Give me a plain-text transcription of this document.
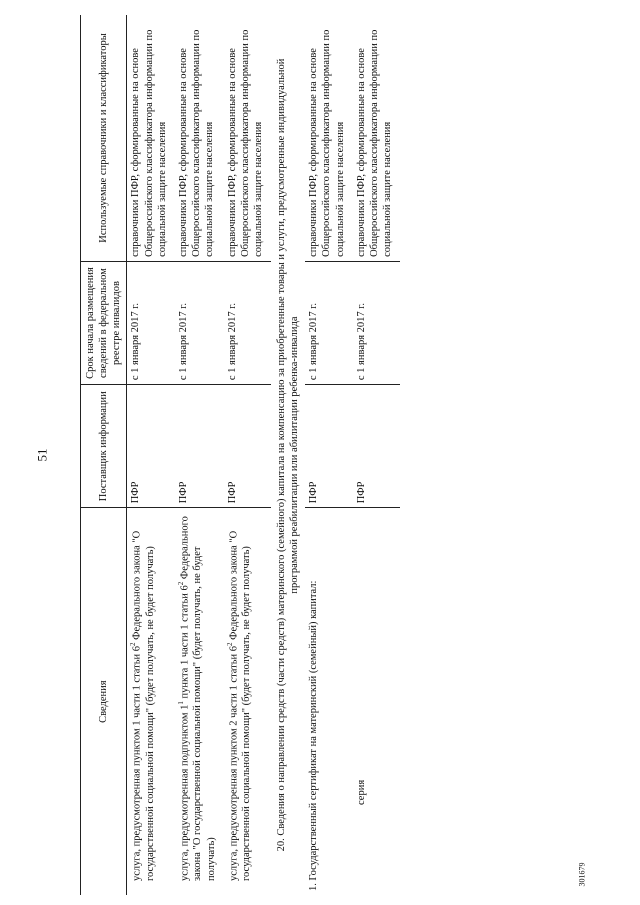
51
301679
Сведения	Поставщик информации	Срок начала размещения сведений в федеральном реестре инвалидов	Используемые справочники и классификаторы
услуга, предусмотренная пунктом 1 части 1 статьи $6^2$ Федерального закона "О государственной социальной помощи" (будет получать, не будет получать)	ПФР	с 1 января 2017 г.	справочники ПФР, сформированные на основе Общероссийского классификатора информации по социальной защите населения
услуга, предусмотренная подпунктом $1^1$ пункта 1 части 1 статьи $6^2$ Федерального закона "О государственной социальной помощи" (будет получать, не будет получать)	ПФР	с 1 января 2017 г.	справочники ПФР, сформированные на основе Общероссийского классификатора информации по социальной защите населения
услуга, предусмотренная пунктом 2 части 1 статьи $6^2$ Федерального закона "О государственной социальной помощи" (будет получать, не будет получать)	ПФР	с 1 января 2017 г.	справочники ПФР, сформированные на основе Общероссийского классификатора информации по социальной защите населения
20. Сведения о направлении средств (части средств) материнского (семейного) капитала на компенсацию за приобретенные товары и услуги, предусмотренные индивидуальной программой реабилитации или абилитации ребенка-инвалида			
1. Государственный сертификат на материнский (семейный) капитал:	ПФР	с 1 января 2017 г.	справочники ПФР, сформированные на основе Общероссийского классификатора информации по социальной защите населения
серия	ПФР	с 1 января 2017 г.	справочники ПФР, сформированные на основе Общероссийского классификатора информации по социальной защите населения
